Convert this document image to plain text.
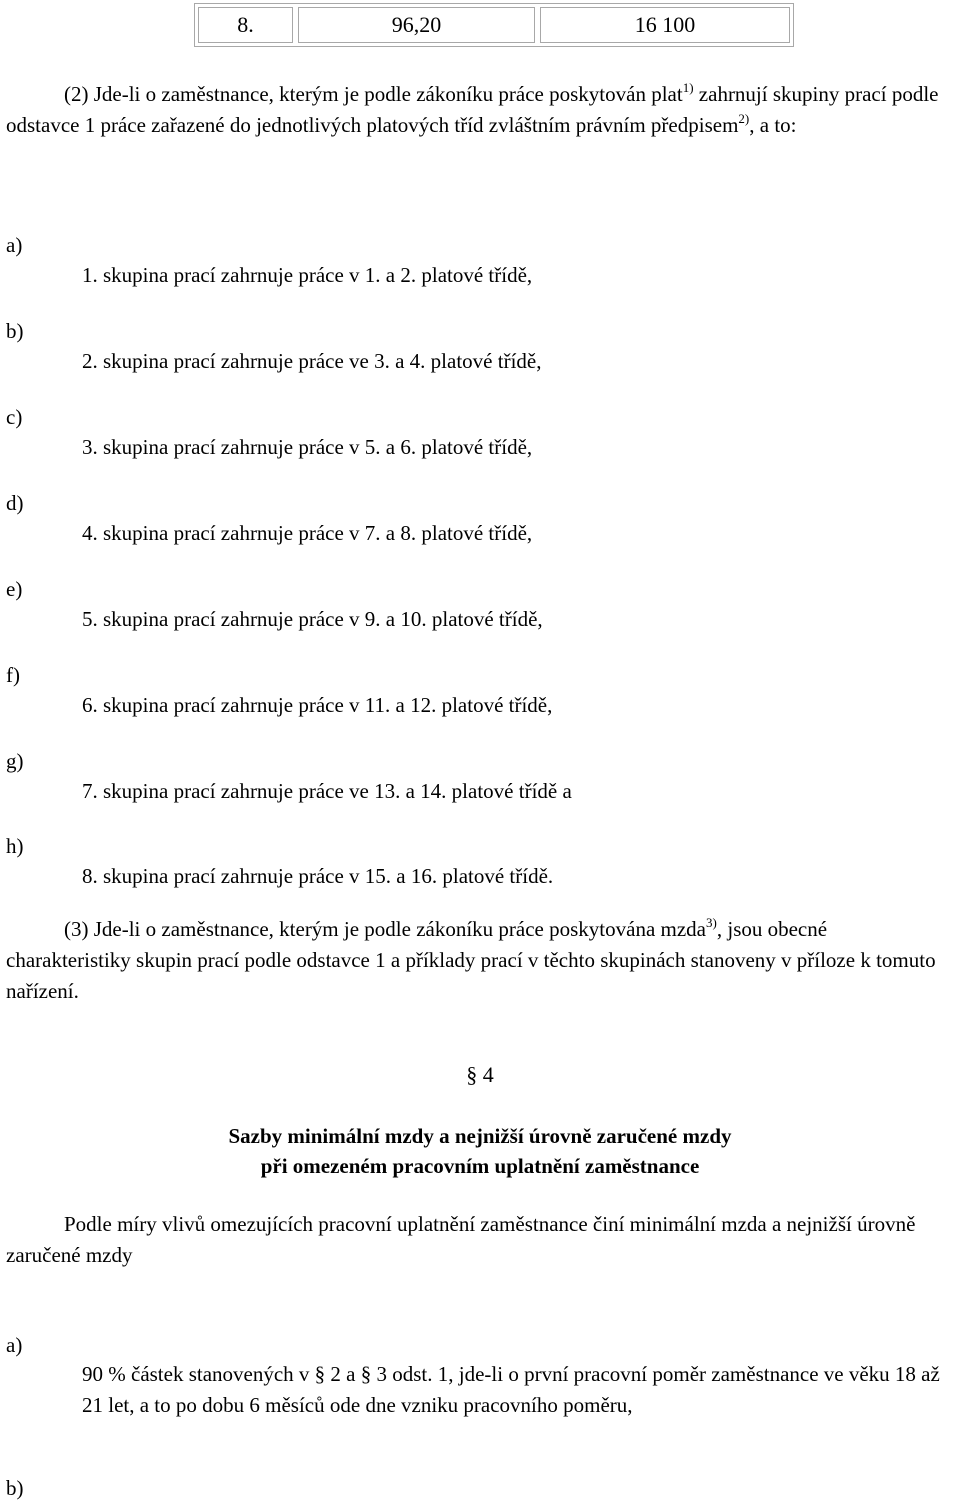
8.	96,20	16 100
(2) Jde-li o zaměstnance, kterým je podle zákoníku práce poskytován plat$^{1)}$ zahrnují skupiny prací podle odstavce 1 práce zařazené do jednotlivých platových tříd zvláštním právním předpisem$^{2)}$, a to:
a)
1. skupina prací zahrnuje práce v 1. a 2. platové třídě,
b)
2. skupina prací zahrnuje práce ve 3. a 4. platové třídě,
c)
3. skupina prací zahrnuje práce v 5. a 6. platové třídě,
d)
4. skupina prací zahrnuje práce v 7. a 8. platové třídě,
e)
5. skupina prací zahrnuje práce v 9. a 10. platové třídě,
f)
6. skupina prací zahrnuje práce v 11. a 12. platové třídě,
g)
7. skupina prací zahrnuje práce ve 13. a 14. platové třídě a
h)
8. skupina prací zahrnuje práce v 15. a 16. platové třídě.
(3) Jde-li o zaměstnance, kterým je podle zákoníku práce poskytována mzda$^{3)}$, jsou obecné charakteristiky skupin prací podle odstavce 1 a příklady prací v těchto skupinách stanoveny v příloze k tomuto nařízení.
§ 4
Sazby minimální mzdy a nejnižší úrovně zaručené mzdy
při omezeném pracovním uplatnění zaměstnance
Podle míry vlivů omezujících pracovní uplatnění zaměstnance činí minimální mzda a nejnižší úrovně zaručené mzdy
a)
90 % částek stanovených v § 2 a § 3 odst. 1, jde-li o první pracovní poměr zaměstnance ve věku 18 až 21 let, a to po dobu 6 měsíců ode dne vzniku pracovního poměru,
b)
